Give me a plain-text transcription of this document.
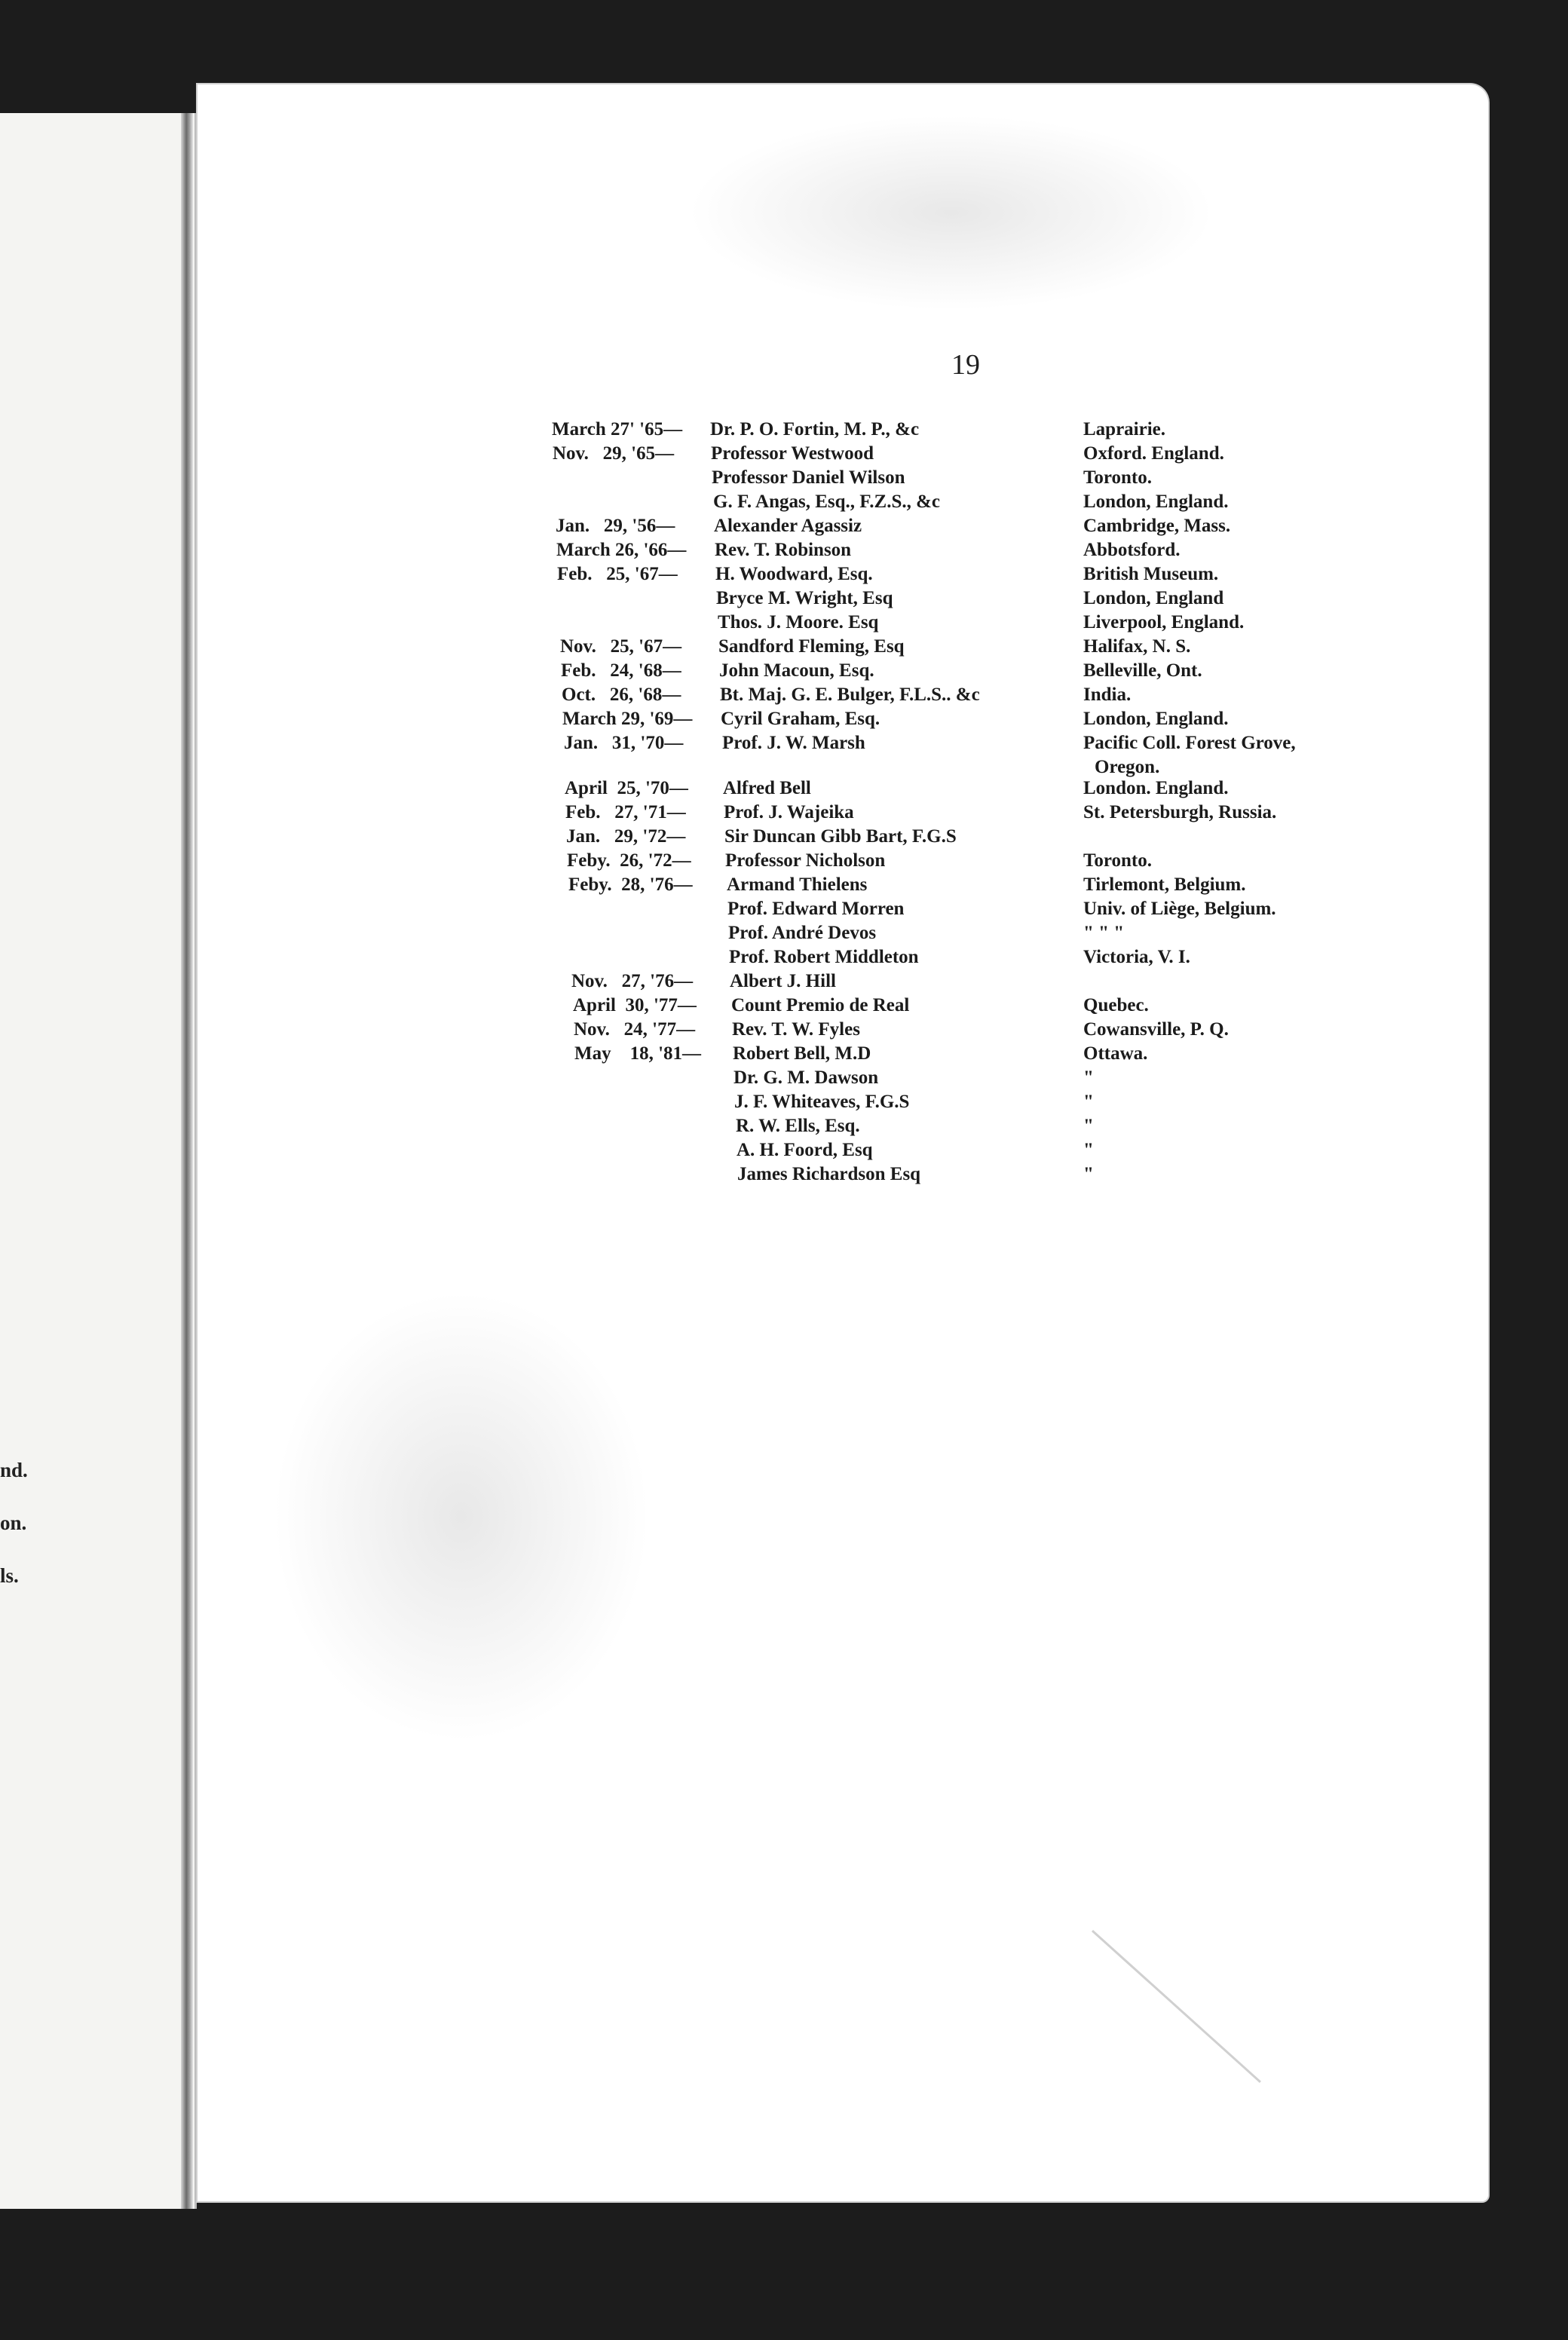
nd.
on.
ls.
19
March 27' '65— Dr. P. O. Fortin, M. P., &c	Laprairie.
Nov.   29, '65— Professor Westwood	Oxford. England.
Professor Daniel Wilson	Toronto.
G. F. Angas, Esq., F.Z.S., &c	London, England.
Jan.   29, '56— Alexander Agassiz	Cambridge, Mass.
March 26, '66— Rev. T. Robinson	Abbotsford.
Feb.   25, '67— H. Woodward, Esq.	British Museum.
Bryce M. Wright, Esq	London, England
Thos. J. Moore. Esq	Liverpool, England.
Nov.   25, '67— Sandford Fleming, Esq	Halifax, N. S.
Feb.   24, '68— John Macoun, Esq.	Belleville, Ont.
Oct.   26, '68— Bt. Maj. G. E. Bulger, F.L.S.. &c	India.
March 29, '69— Cyril Graham, Esq.	London, England.
Jan.   31, '70— Prof. J. W. Marsh	Pacific Coll. Forest Grove,
Oregon.
April  25, '70— Alfred Bell	London. England.
Feb.   27, '71— Prof. J. Wajeika	St. Petersburgh, Russia.
Jan.   29, '72— Sir Duncan Gibb Bart, F.G.S
Feby.  26, '72— Professor Nicholson	Toronto.
Feby.  28, '76— Armand Thielens	Tirlemont, Belgium.
Prof. Edward Morren	Univ. of Liège, Belgium.
Prof. André Devos	" " "
Prof. Robert Middleton	Victoria, V. I.
Nov.   27, '76— Albert J. Hill
April  30, '77— Count Premio de Real	Quebec.
Nov.   24, '77— Rev. T. W. Fyles	Cowansville, P. Q.
May    18, '81— Robert Bell, M.D	Ottawa.
Dr. G. M. Dawson	"
J. F. Whiteaves, F.G.S	"
R. W. Ells, Esq.	"
A. H. Foord, Esq	"
James Richardson Esq	"
